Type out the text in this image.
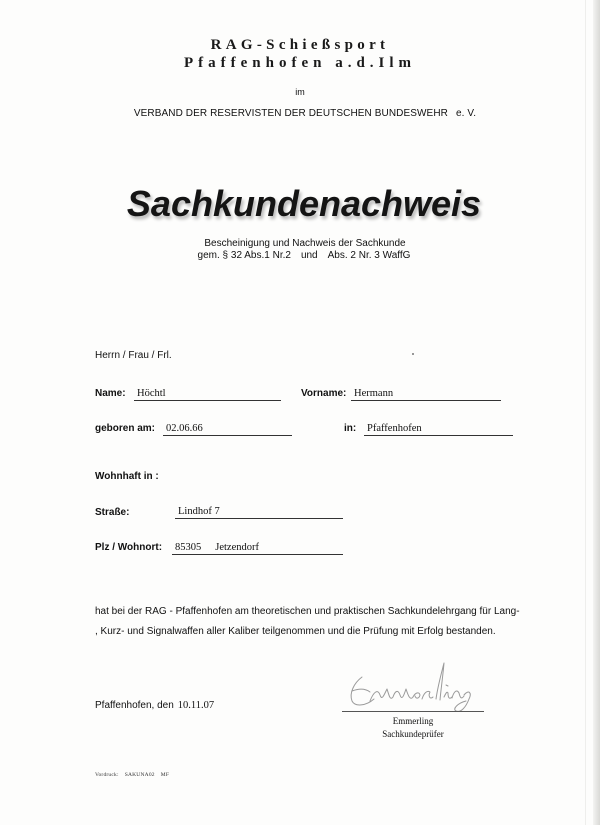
RAG-Schießsport
Pfaffenhofen a.d.Ilm
im
VERBAND DER RESERVISTEN DER DEUTSCHEN BUNDESWEHR e. V.
Sachkundenachweis
Bescheinigung und Nachweis der Sachkunde
gem. § 32 Abs.1 Nr.2 und Abs. 2 Nr. 3 WaffG
Herrn / Frau / Frl.
Name: Höchtl	Vorname: Hermann
geboren am: 02.06.66	in: Pfaffenhofen
Wohnhaft in :
Straße:	Lindhof 7
Plz / Wohnort: 85305 Jetzendorf
hat bei der RAG - Pfaffenhofen am theoretischen und praktischen Sachkundelehrgang für Lang-
, Kurz- und Signalwaffen aller Kaliber teilgenommen und die Prüfung mit Erfolg bestanden.
Pfaffenhofen, den 10.11.07
Emmerling
Sachkundeprüfer
Vordruck: SAKUNA02 MF
